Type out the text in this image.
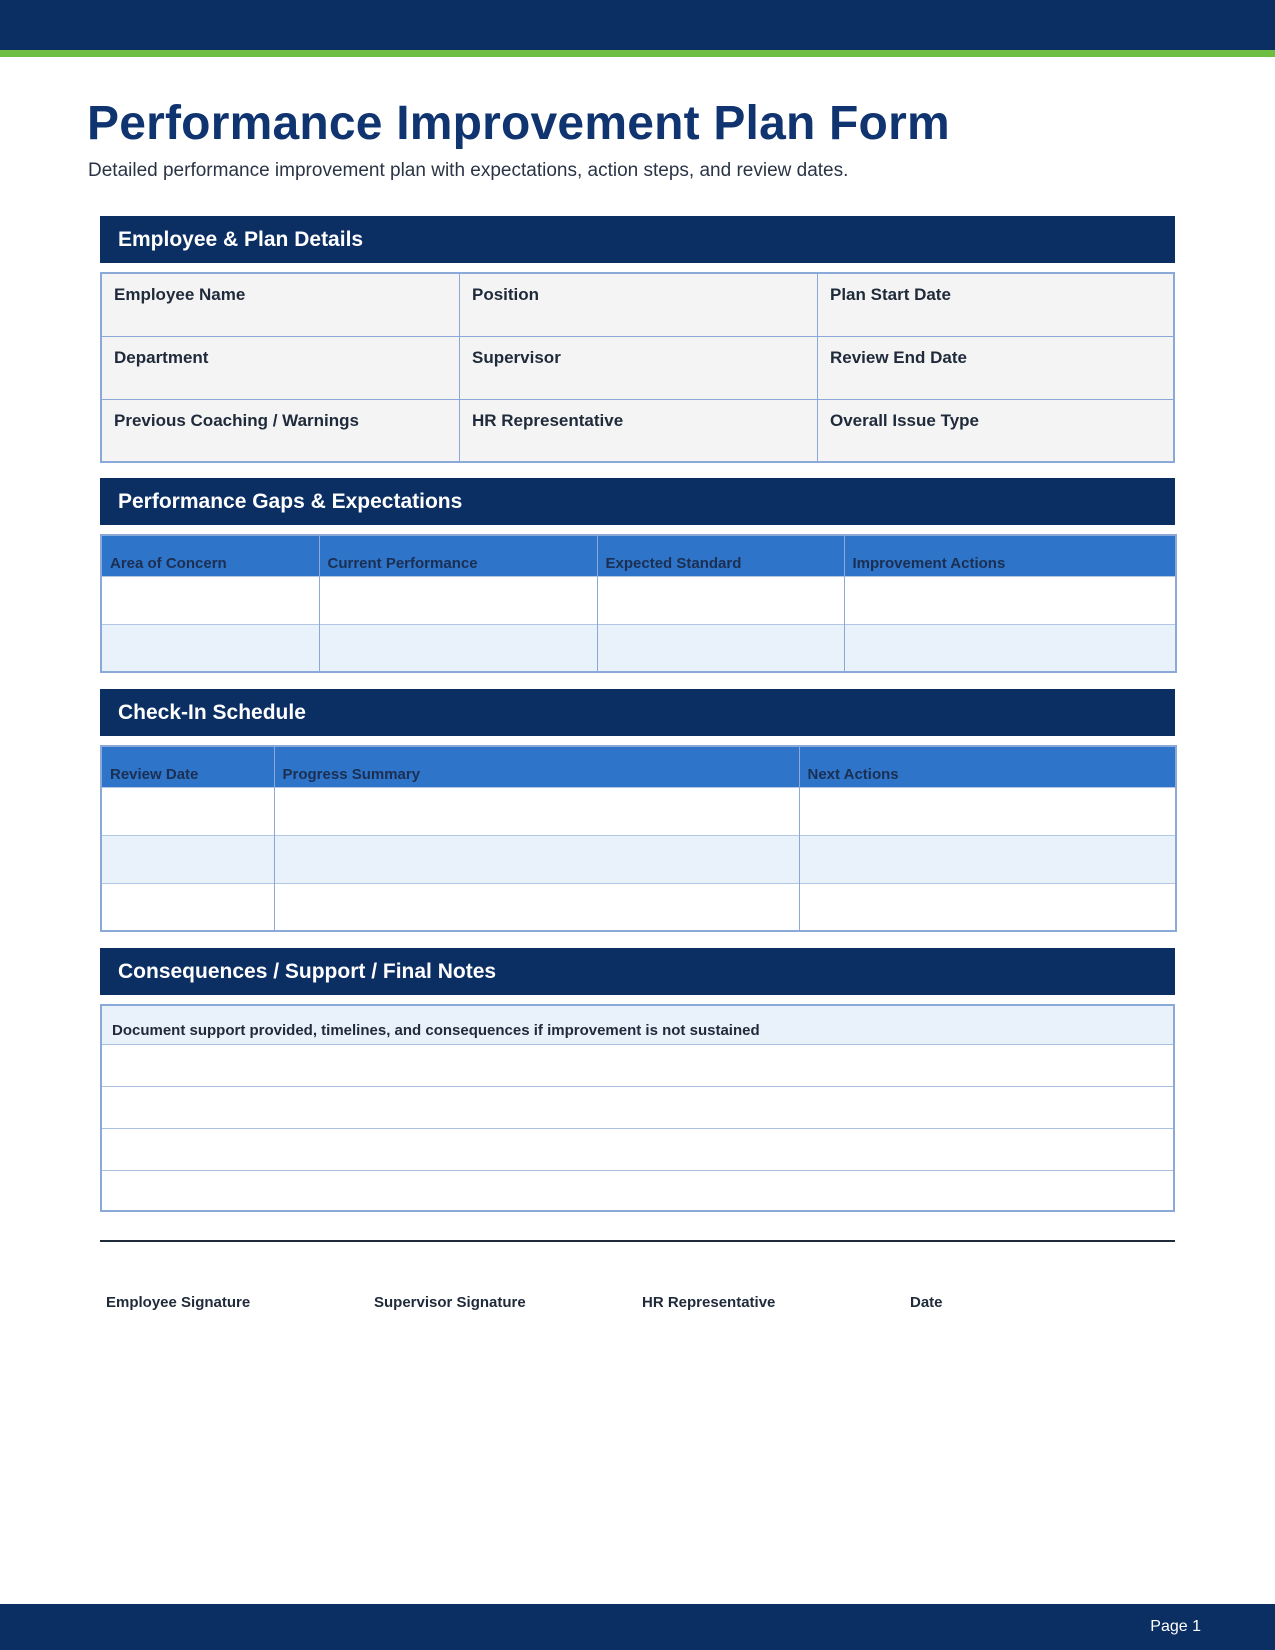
Performance Improvement Plan Form
Detailed performance improvement plan with expectations, action steps, and review dates.
Employee & Plan Details
Employee Name	Position	Plan Start Date
Department	Supervisor	Review End Date
Previous Coaching / Warnings	HR Representative	Overall Issue Type
Performance Gaps & Expectations
Area of Concern	Current Performance	Expected Standard	Improvement Actions

Check-In Schedule
Review Date	Progress Summary	Next Actions

Consequences / Support / Final Notes
Document support provided, timelines, and consequences if improvement is not sustained
Employee Signature	Supervisor Signature	HR Representative	Date
Page 1
